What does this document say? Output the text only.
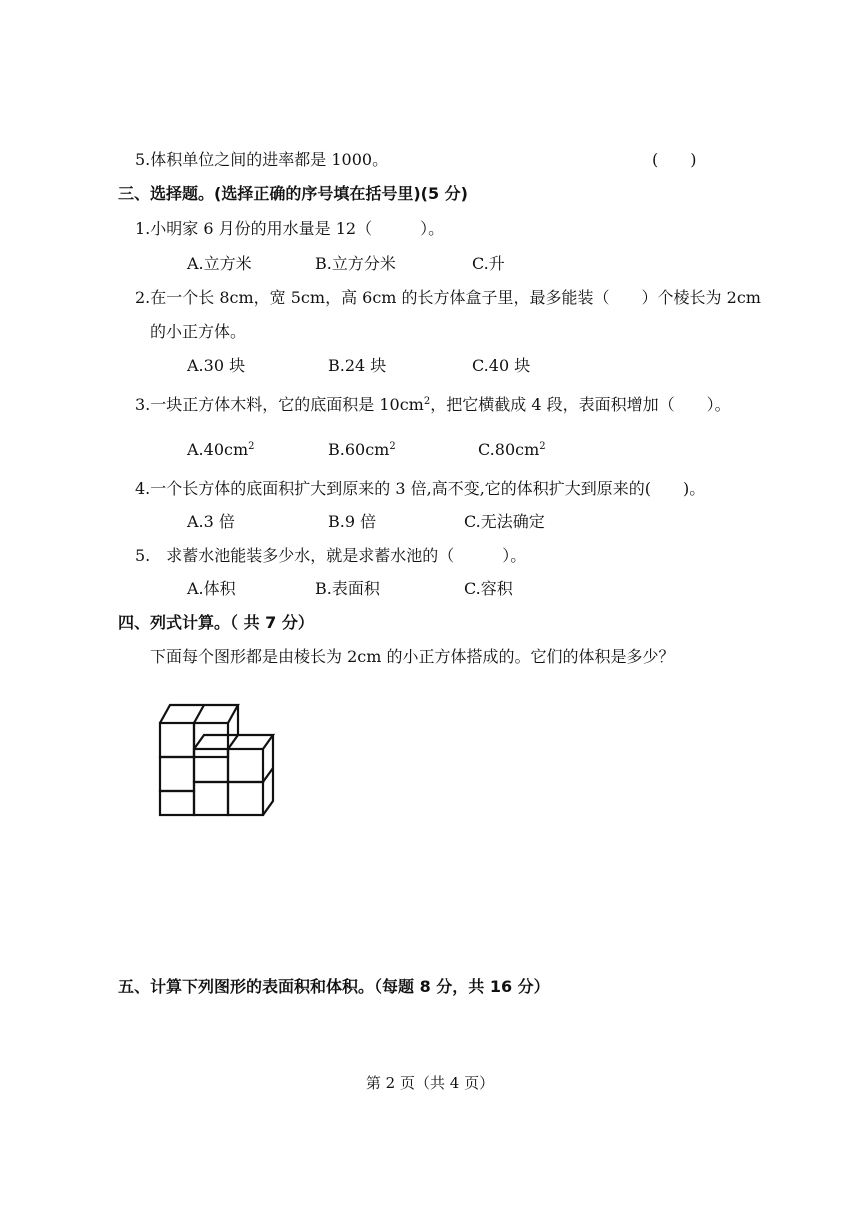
5.体积单位之间的进率都是 1000。	(　　)
三、选择题。(选择正确的序号填在括号里)(5 分)
1.小明家 6 月份的用水量是 12（　　　）。
A.立方米	B.立方分米	C.升
2.在一个长 8cm，宽 5cm，高 6cm 的长方体盒子里，最多能装（　　）个棱长为 2cm
的小正方体。
A.30 块	B.24 块	C.40 块
3.一块正方体木料，它的底面积是 $10cm^2$，把它横截成 4 段，表面积增加（　　）。
$A.40cm^2$	$B.60cm^2$	$C.80cm^2$
4.一个长方体的底面积扩大到原来的 3 倍,高不变,它的体积扩大到原来的(　　)。
A.3 倍	B.9 倍	C.无法确定
5.　求蓄水池能装多少水，就是求蓄水池的（　　　）。
A.体积	B.表面积	C.容积
四、列式计算。（ 共 7 分）
下面每个图形都是由棱长为 2cm 的小正方体搭成的。它们的体积是多少？
五、计算下列图形的表面积和体积。（每题 8 分，共 16 分）
第 2 页（共 4 页）
